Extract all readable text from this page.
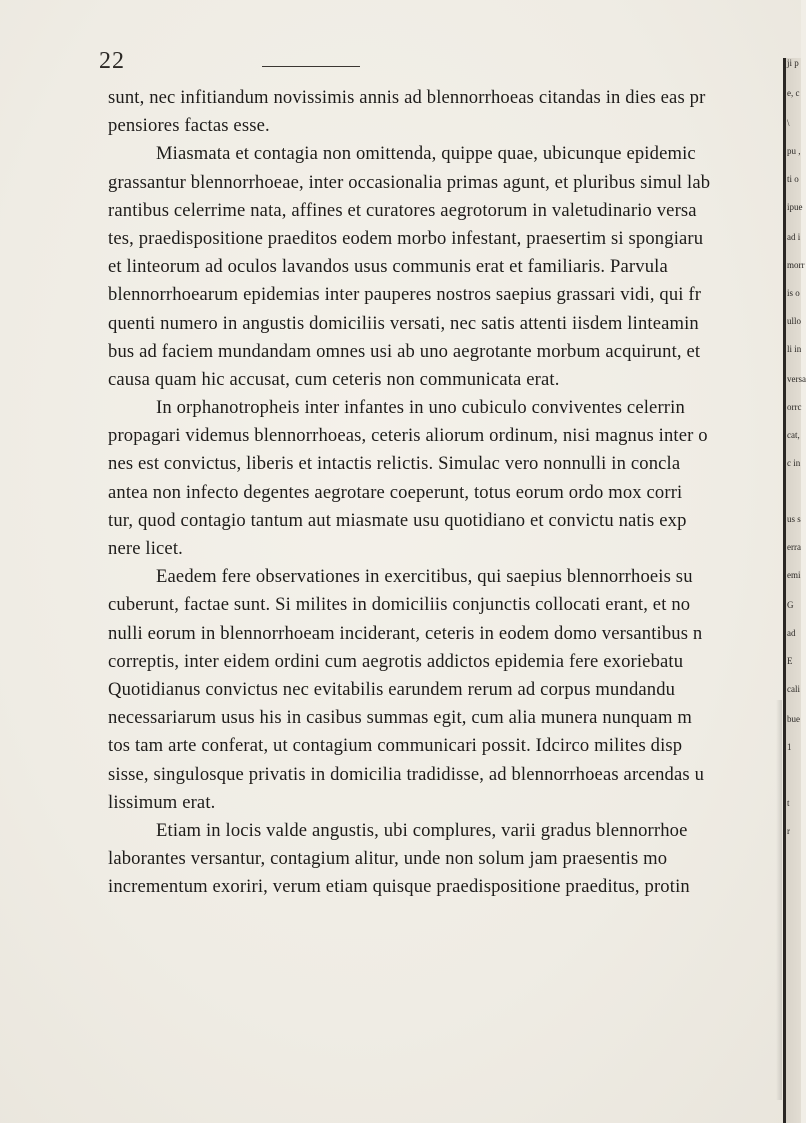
22
sunt, nec infitiandum novissimis annis ad blennorrhoeas citandas in dies eas pr
pensiores factas esse.
Miasmata et contagia non omittenda, quippe quae, ubicunque epidemic
grassantur blennorrhoeae, inter occasionalia primas agunt, et pluribus simul lab
rantibus celerrime nata, affines et curatores aegrotorum in valetudinario versa
tes, praedispositione praeditos eodem morbo infestant, praesertim si spongiaru
et linteorum ad oculos lavandos usus communis erat et familiaris. Parvula
blennorrhoearum epidemias inter pauperes nostros saepius grassari vidi, qui fr
quenti numero in angustis domiciliis versati, nec satis attenti iisdem linteamin
bus ad faciem mundandam omnes usi ab uno aegrotante morbum acquirunt, et
causa quam hic accusat, cum ceteris non communicata erat.
In orphanotropheis inter infantes in uno cubiculo conviventes celerrin
propagari videmus blennorrhoeas, ceteris aliorum ordinum, nisi magnus inter o
nes est convictus, liberis et intactis relictis. Simulac vero nonnulli in concla
antea non infecto degentes aegrotare coeperunt, totus eorum ordo mox corri
tur, quod contagio tantum aut miasmate usu quotidiano et convictu natis exp
nere licet.
Eaedem fere observationes in exercitibus, qui saepius blennorrhoeis su
cuberunt, factae sunt. Si milites in domiciliis conjunctis collocati erant, et no
nulli eorum in blennorrhoeam inciderant, ceteris in eodem domo versantibus n
correptis, inter eidem ordini cum aegrotis addictos epidemia fere exoriebatu
Quotidianus convictus nec evitabilis earundem rerum ad corpus mundandu
necessariarum usus his in casibus summas egit, cum alia munera nunquam m
tos tam arte conferat, ut contagium communicari possit. Idcirco milites disp
sisse, singulosque privatis in domicilia tradidisse, ad blennorrhoeas arcendas u
lissimum erat.
Etiam in locis valde angustis, ubi complures, varii gradus blennorrhoe
laborantes versantur, contagium alitur, unde non solum jam praesentis mo
incrementum exoriri, verum etiam quisque praedispositione praeditus, protin
ji p
e, c
\
pu ,
ti o
ipue
ad i
morr
is o
ullo
li in
versa
orrc
cat,
c in
us s
erra
emi
G
ad
E
cali
bue
1
t
r
